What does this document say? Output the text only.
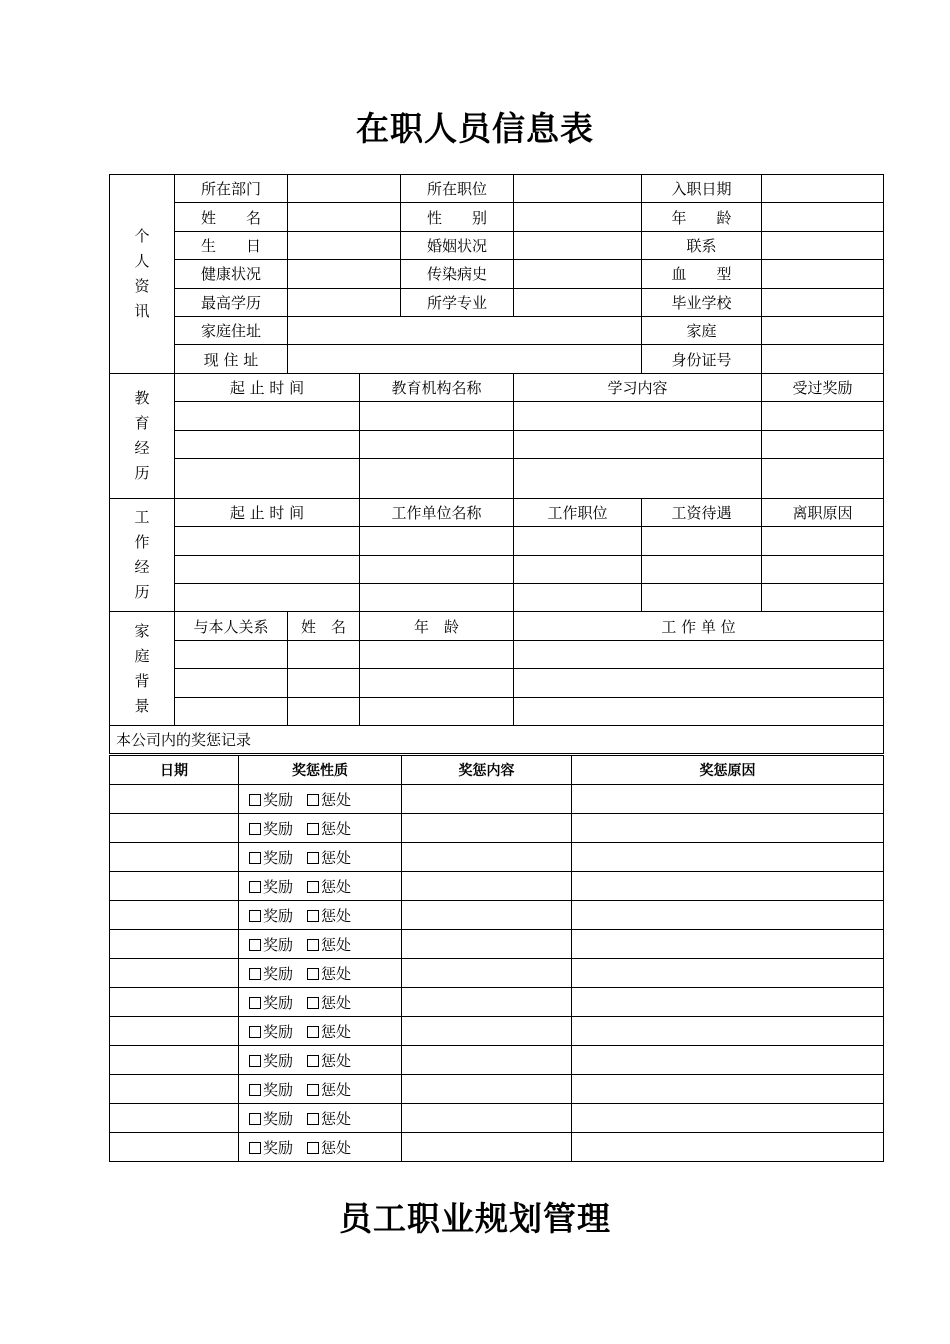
在职人员信息表
个人资讯	所在部门			所在职位		入职日期	
	姓　　名			性　　别		年　　龄	
	生　　日			婚姻状况		联系	
	健康状况			传染病史		血　　型	
	最高学历			所学专业		毕业学校	
	家庭住址					家庭	
	现 住 址					身份证号	
教育经历	起 止 时 间		教育机构名称		学习内容		受过奖励

工作经历	起 止 时 间		工作单位名称		工作职位	工资待遇	离职原因

家庭背景	与本人关系	姓　名	年　龄		工 作 单 位		

本公司内的奖惩记录							
日期	奖惩性质	奖惩内容	奖惩原因
	奖励 惩处		
	奖励 惩处		
	奖励 惩处		
	奖励 惩处		
	奖励 惩处		
	奖励 惩处		
	奖励 惩处		
	奖励 惩处		
	奖励 惩处		
	奖励 惩处		
	奖励 惩处		
	奖励 惩处		
	奖励 惩处		
员工职业规划管理
